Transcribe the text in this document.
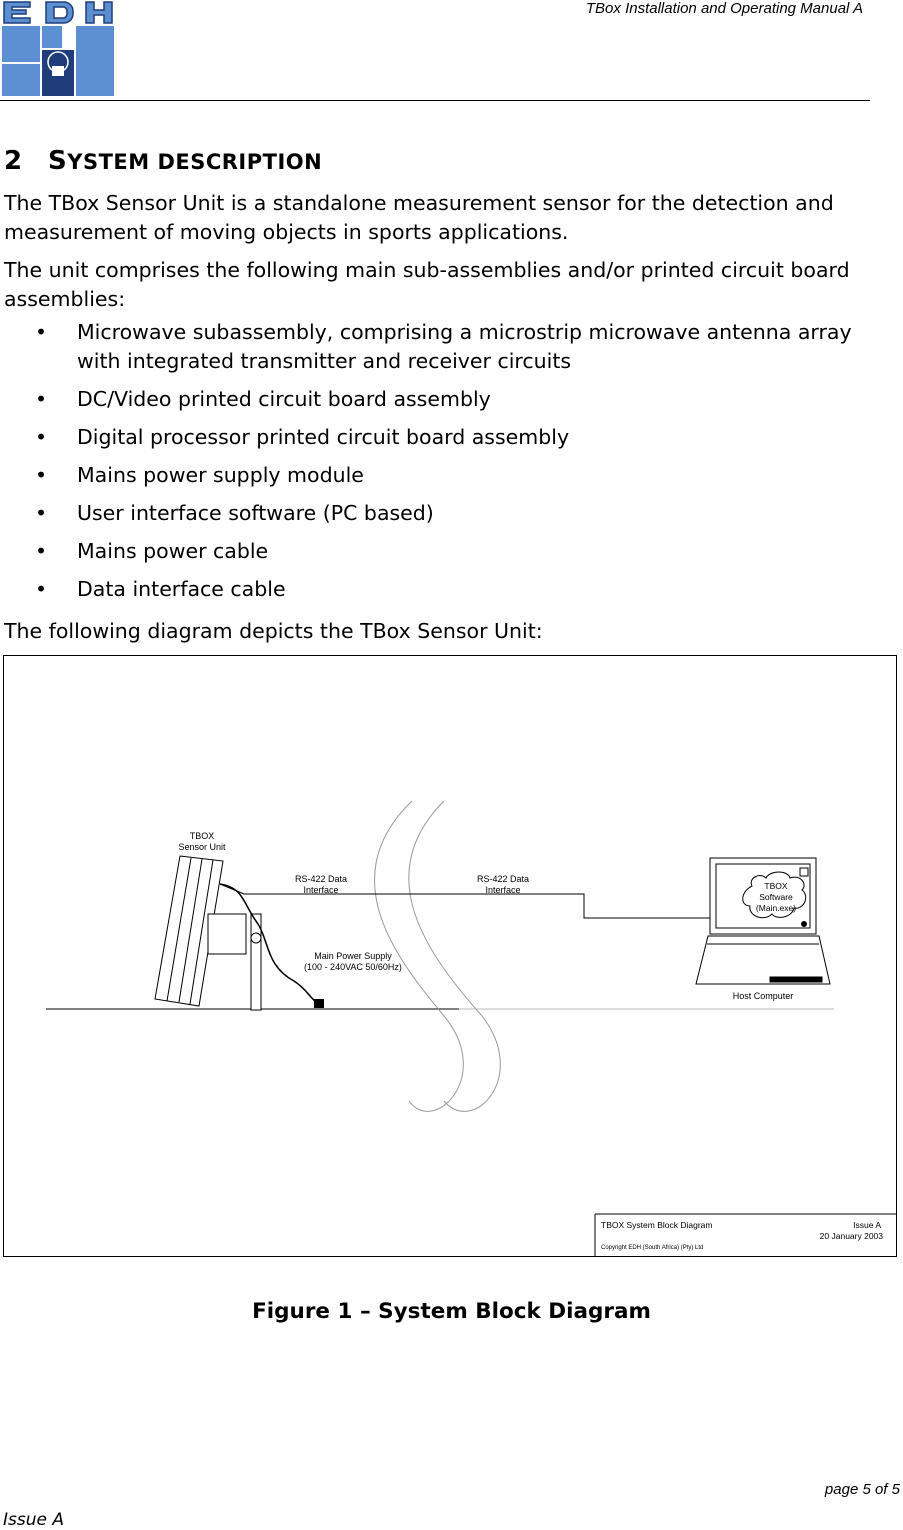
TBox Installation and Operating Manual A
2 SYSTEM DESCRIPTION
The TBox Sensor Unit is a standalone measurement sensor for the detection and measurement of moving objects in sports applications.
The unit comprises the following main sub-assemblies and/or printed circuit board assemblies:
• Microwave subassembly, comprising a microstrip microwave antenna array with integrated transmitter and receiver circuits
• DC/Video printed circuit board assembly
• Digital processor printed circuit board assembly
• Mains power supply module
• User interface software (PC based)
• Mains power cable
• Data interface cable
The following diagram depicts the TBox Sensor Unit:
TBOX
Sensor Unit
RS-422 Data
Interface
RS-422 Data
Interface
Main Power Supply
(100 - 240VAC 50/60Hz)
TBOX
Software
(Main.exe)
Host Computer
TBOX System Block Diagram	Issue A
20 January 2003
Copyright EDH (South Africa) (Pty) Ltd
Figure 1 – System Block Diagram
page 5 of 5
Issue A
